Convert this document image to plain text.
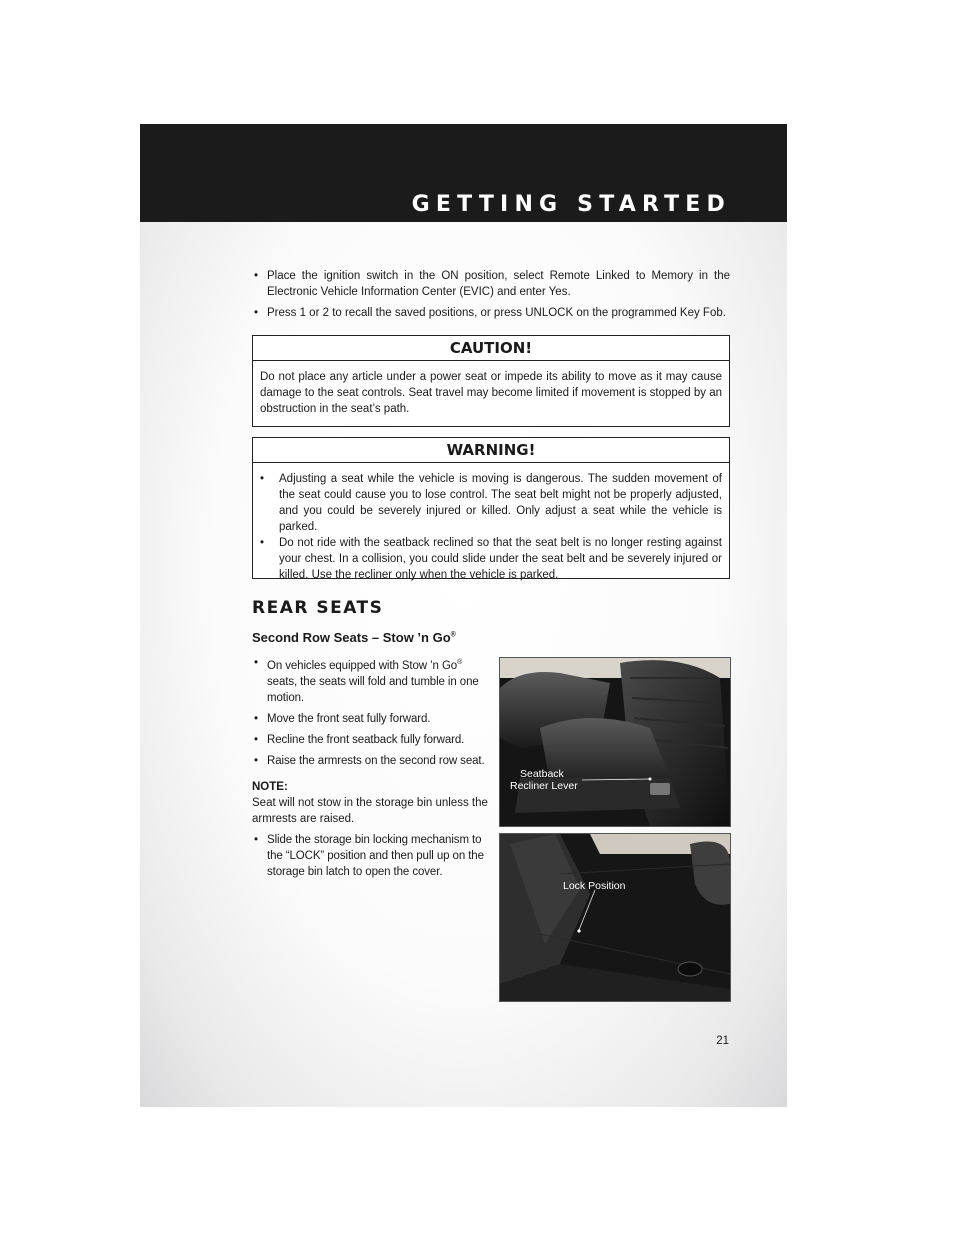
GETTING STARTED
• Place the ignition switch in the ON position, select Remote Linked to Memory in the Electronic Vehicle Information Center (EVIC) and enter Yes.
• Press 1 or 2 to recall the saved positions, or press UNLOCK on the programmed Key Fob.
CAUTION!
Do not place any article under a power seat or impede its ability to move as it may cause damage to the seat controls. Seat travel may become limited if movement is stopped by an obstruction in the seat’s path.
WARNING!
• Adjusting a seat while the vehicle is moving is dangerous. The sudden movement of the seat could cause you to lose control. The seat belt might not be properly adjusted, and you could be severely injured or killed. Only adjust a seat while the vehicle is parked.
• Do not ride with the seatback reclined so that the seat belt is no longer resting against your chest. In a collision, you could slide under the seat belt and be severely injured or killed. Use the recliner only when the vehicle is parked.
REAR SEATS
Second Row Seats – Stow ’n Go®
• On vehicles equipped with Stow ’n Go® seats, the seats will fold and tumble in one motion.
• Move the front seat fully forward.
• Recline the front seatback fully forward.
• Raise the armrests on the second row seat.

NOTE:

Seat will not stow in the storage bin unless the armrests are raised.

• Slide the storage bin locking mechanism to the “LOCK” position and then pull up on the storage bin latch to open the cover.
Seatback
Recliner Lever
Lock Position
21
